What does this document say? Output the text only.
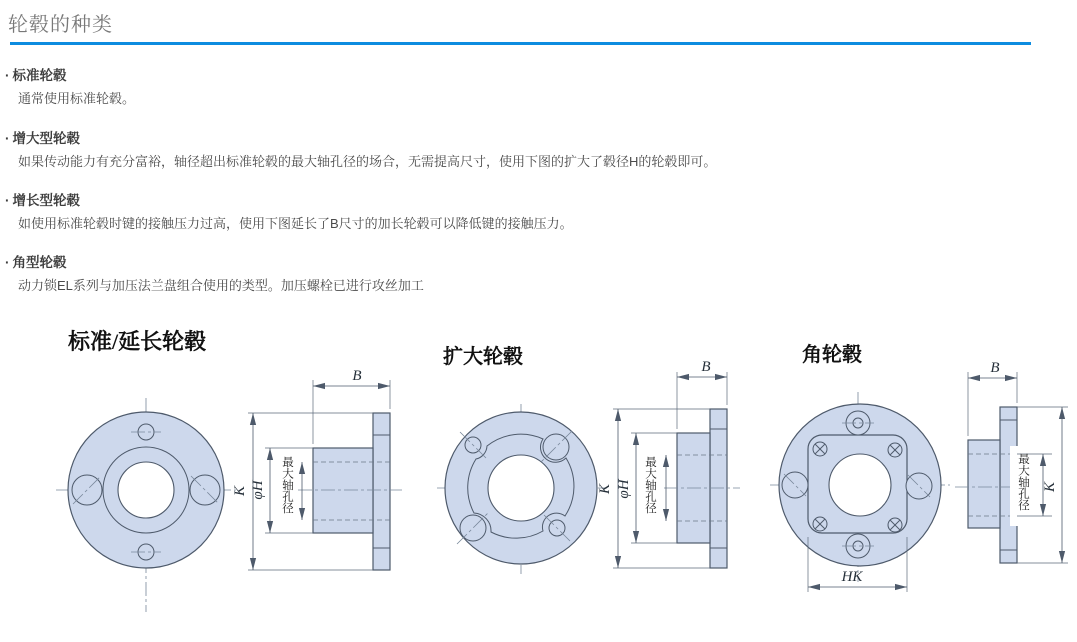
轮毂的种类
· 标准轮毂

通常使用标准轮毂。

· 增大型轮毂

如果传动能力有充分富裕，轴径超出标准轮毂的最大轴孔径的场合，无需提高尺寸，使用下图的扩大了毂径H的轮毂即可。

· 增长型轮毂

如使用标准轮毂时键的接触压力过高，使用下图延长了B尺寸的加长轮毂可以降低键的接触压力。

· 角型轮毂

动力锁EL系列与加压法兰盘组合使用的类型。加压螺栓已进行攻丝加工

标准/延长轮毂
扩大轮毂	角轮毂
B
K φH
最大轴孔径
B
K φH
最大轴孔径
HK
B
最大轴孔径
K
